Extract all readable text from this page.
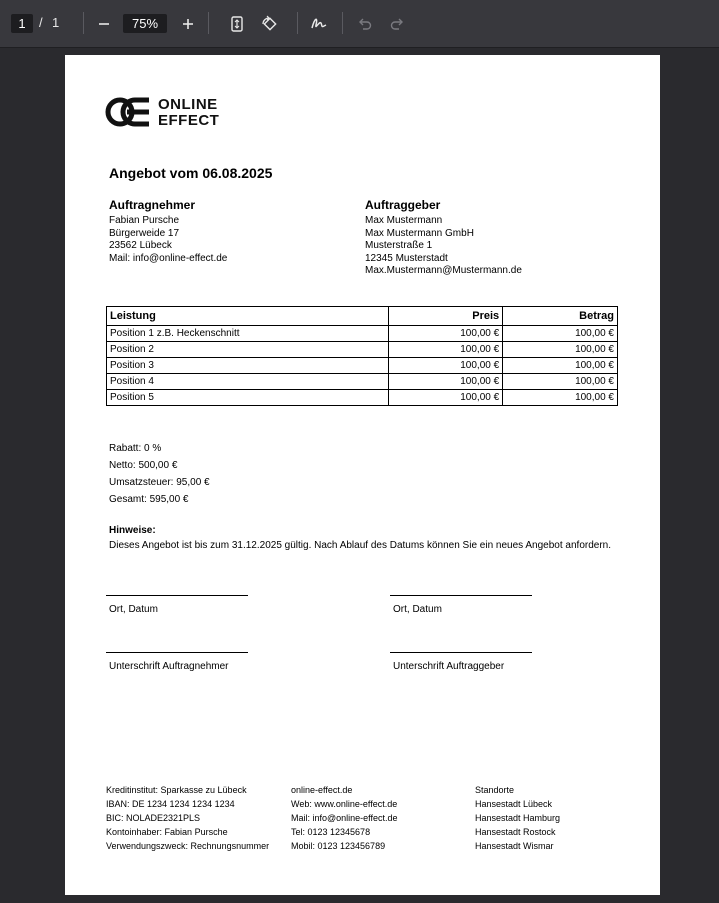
1	/ 1	75%
ONLINE
EFFECT
Angebot vom 06.08.2025
Auftragnehmer
Fabian Pursche
Bürgerweide 17
23562 Lübeck
Mail: info@online-effect.de
Auftraggeber
Max Mustermann
Max Mustermann GmbH
Musterstraße 1
12345 Musterstadt
Max.Mustermann@Mustermann.de
Leistung	Preis	Betrag
Position 1 z.B. Heckenschnitt	100,00 €	100,00 €
Position 2	100,00 €	100,00 €
Position 3	100,00 €	100,00 €
Position 4	100,00 €	100,00 €
Position 5	100,00 €	100,00 €
Rabatt: 0 %
Netto: 500,00 €
Umsatzsteuer: 95,00 €
Gesamt: 595,00 €
Hinweise:
Dieses Angebot ist bis zum 31.12.2025 gültig. Nach Ablauf des Datums können Sie ein neues Angebot anfordern.
Ort, Datum	Ort, Datum
Unterschrift Auftragnehmer	Unterschrift Auftraggeber
Kreditinstitut: Sparkasse zu Lübeck
IBAN: DE 1234 1234 1234 1234
BIC: NOLADE2321PLS
Kontoinhaber: Fabian Pursche
Verwendungszweck: Rechnungsnummer
online-effect.de
Web: www.online-effect.de
Mail: info@online-effect.de
Tel: 0123 12345678
Mobil: 0123 123456789
Standorte
Hansestadt Lübeck
Hansestadt Hamburg
Hansestadt Rostock
Hansestadt Wismar
